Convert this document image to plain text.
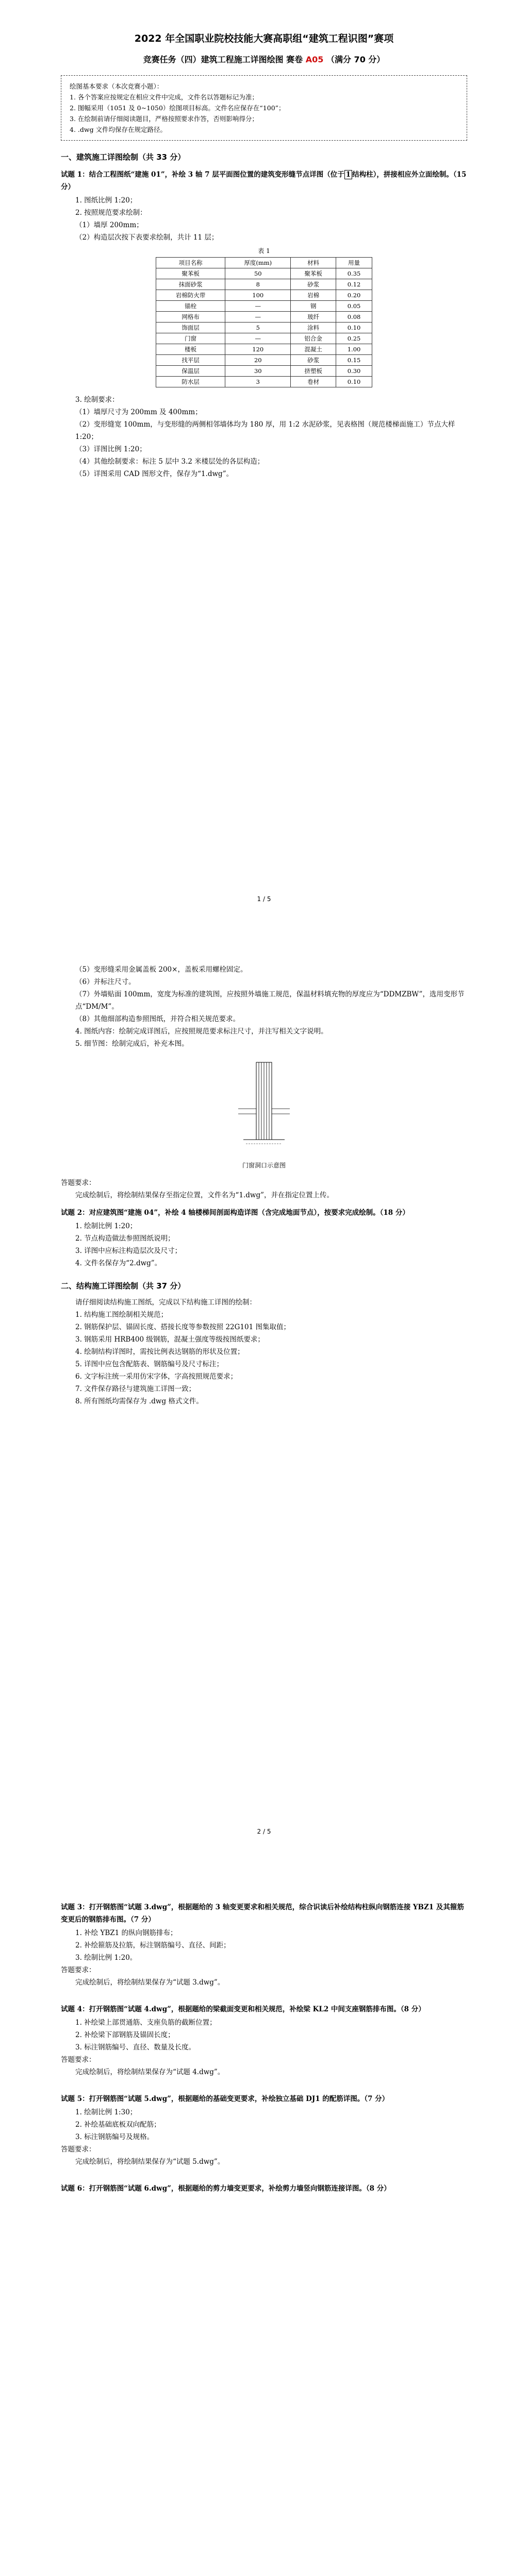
2022 年全国职业院校技能大赛高职组“建筑工程识图”赛项
竞赛任务（四）建筑工程施工详图绘图 赛卷 A05 （满分 70 分）

绘图基本要求（本次竞赛小题）：

1. 各个答案应按规定在相应文件中完成，文件名以答题标记为准；

2. 图幅采用（1051 及 0~1050）绘图项目标高。文件名应保存在“100”；

3. 在绘制前请仔细阅读题目，严格按照要求作答，否则影响得分；

4. .dwg 文件均保存在规定路径。

一、建筑施工详图绘制（共 33 分）

试题 1：结合工程图纸“建施 01”，补绘 3 轴 7 层平面图位置的建筑变形缝节点详图（位于 1 结构柱），拼接相应外立面绘制。（15 分）

1. 图纸比例 1:20；

2. 按照规范要求绘制：

（1）墙厚 200mm；

（2）构造层次按下表要求绘制，共计 11 层；

表 1
项目名称	厚度(mm)	材料	用量
聚苯板	50	聚苯板	0.35
抹面砂浆	8	砂浆	0.12
岩棉防火带	100	岩棉	0.20
锚栓	—	钢	0.05
网格布	—	玻纤	0.08
饰面层	5	涂料	0.10
门窗	—	铝合金	0.25
楼板	120	混凝土	1.00
找平层	20	砂浆	0.15
保温层	30	挤塑板	0.30
防水层	3	卷材	0.10

3. 绘制要求：

（1）墙厚尺寸为 200mm 及 400mm；

（2）变形缝宽 100mm，与变形缝的两侧相邻墙体均为 180 厚，用 1:2 水泥砂浆，见表格图（规范楼梯面施工）节点大样 1:20；

（3）详图比例 1:20；

（4）其他绘制要求：标注 5 层中 3.2 米楼层处的各层构造；

（5）详图采用 CAD 图形文件，保存为“1.dwg”。

1 / 5

（5）变形缝采用金属盖板 200×，盖板采用螺栓固定。

（6）并标注尺寸。

（7）外墙贴面 100mm，宽度为标准的建筑图，应按照外墙施工规范，保温材料填充物的厚度应为“DDMZBW”，选用变形节点“DM/M”。

（8）其他细部构造参照图纸，并符合相关规范要求。

4. 图纸内容：绘制完成详图后，应按照规范要求标注尺寸，并注写相关文字说明。

5. 细节图：绘制完成后，补充本图。

门窗洞口示意图

答题要求：

完成绘制后，将绘制结果保存至指定位置，文件名为“1.dwg”，并在指定位置上传。

试题 2：对应建筑图“建施 04”，补绘 4 轴楼梯间剖面构造详图（含完成地面节点），按要求完成绘制。（18 分）

1. 绘制比例 1:20；

2. 节点构造做法参照图纸说明；

3. 详图中应标注构造层次及尺寸；

4. 文件名保存为“2.dwg”。

二、结构施工详图绘制（共 37 分）

请仔细阅读结构施工图纸，完成以下结构施工详图的绘制：

1. 结构施工图绘制相关规范；

2. 钢筋保护层、锚固长度、搭接长度等参数按照 22G101 图集取值；

3. 钢筋采用 HRB400 级钢筋，混凝土强度等级按图纸要求；

4. 绘制结构详图时，需按比例表达钢筋的形状及位置；

5. 详图中应包含配筋表、钢筋编号及尺寸标注；

6. 文字标注统一采用仿宋字体，字高按照规范要求；

7. 文件保存路径与建筑施工详图一致；

8. 所有图纸均需保存为 .dwg 格式文件。

2 / 5

试题 3：打开钢筋图“试题 3.dwg”，根据题给的 3 轴变更要求和相关规范，综合识读后补绘结构柱纵向钢筋连接 YBZ1 及其箍筋变更后的钢筋排布图。（7 分）

1. 补绘 YBZ1 的纵向钢筋排布；

2. 补绘箍筋及拉筋，标注钢筋编号、直径、间距；

3. 绘制比例 1:20。

答题要求：

完成绘制后，将绘制结果保存为“试题 3.dwg”。

试题 4：打开钢筋图“试题 4.dwg”，根据题给的梁截面变更和相关规范，补绘梁 KL2 中间支座钢筋排布图。（8 分）

1. 补绘梁上部贯通筋、支座负筋的截断位置；

2. 补绘梁下部钢筋及锚固长度；

3. 标注钢筋编号、直径、数量及长度。

答题要求：

完成绘制后，将绘制结果保存为“试题 4.dwg”。

试题 5：打开钢筋图“试题 5.dwg”，根据题给的基础变更要求，补绘独立基础 DJ1 的配筋详图。（7 分）

1. 绘制比例 1:30；

2. 补绘基础底板双向配筋；

3. 标注钢筋编号及规格。

答题要求：

完成绘制后，将绘制结果保存为“试题 5.dwg”。

试题 6：打开钢筋图“试题 6.dwg”，根据题给的剪力墙变更要求，补绘剪力墙竖向钢筋连接详图。（8 分）
